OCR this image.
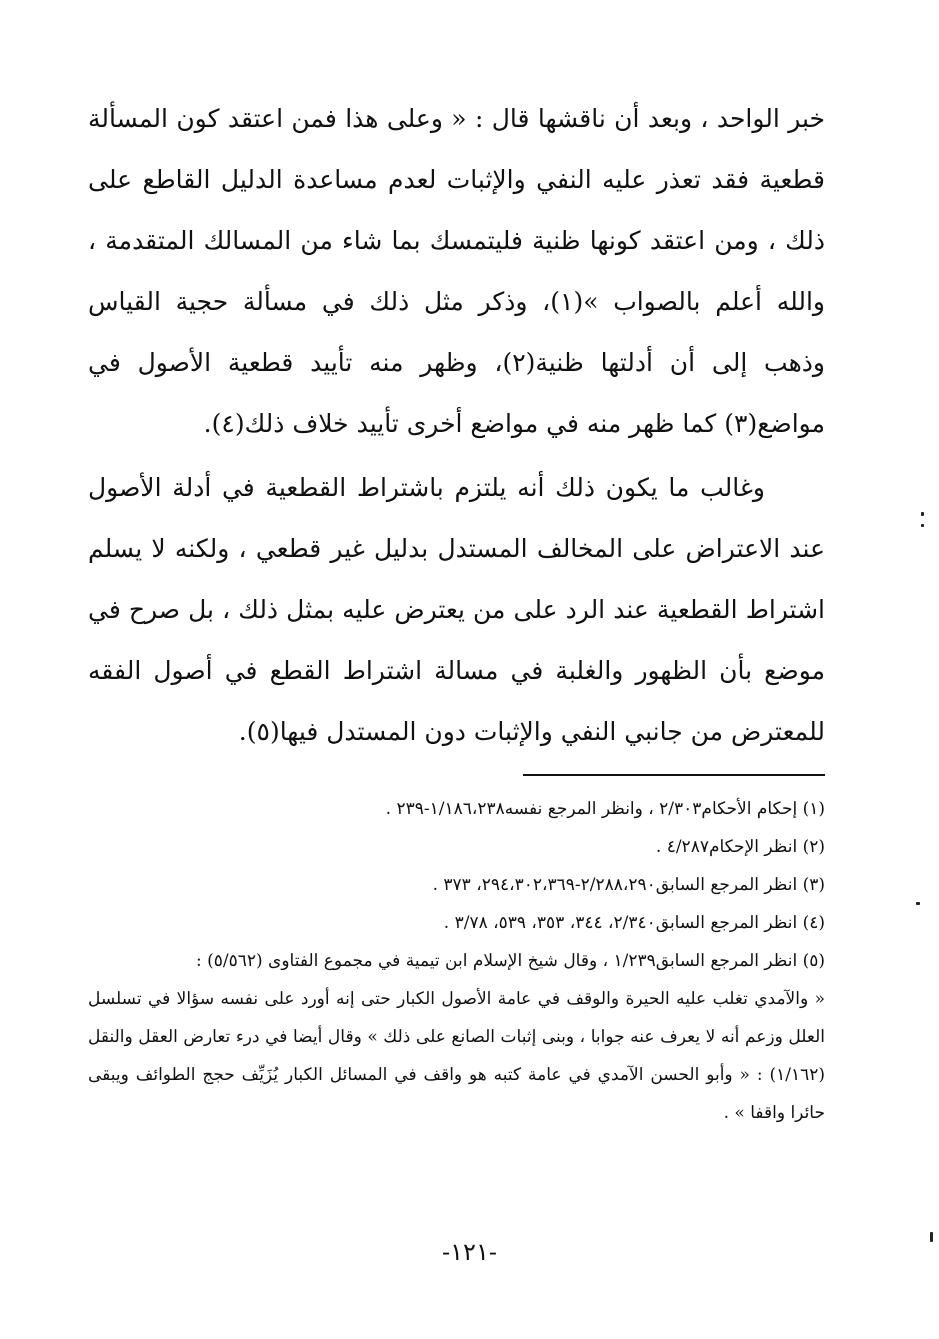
خبر الواحد ، وبعد أن ناقشها قال : « وعلى هذا فمن اعتقد كون المسألة قطعية فقد تعذر عليه النفي والإثبات لعدم مساعدة الدليل القاطع على ذلك ، ومن اعتقد كونها ظنية فليتمسك بما شاء من المسالك المتقدمة ، والله أعلم بالصواب »(١)، وذكر مثل ذلك في مسألة حجية القياس وذهب إلى أن أدلتها ظنية(٢)، وظهر منه تأييد قطعية الأصول في مواضع(٣) كما ظهر منه في مواضع أخرى تأييد خلاف ذلك(٤).

وغالب ما يكون ذلك أنه يلتزم باشتراط القطعية في أدلة الأصول عند الاعتراض على المخالف المستدل بدليل غير قطعي ، ولكنه لا يسلم اشتراط القطعية عند الرد على من يعترض عليه بمثل ذلك ، بل صرح في موضع بأن الظهور والغلبة في مسالة اشتراط القطع في أصول الفقه للمعترض من جانبي النفي والإثبات دون المستدل فيها(٥).

(١) إحكام الأحكام٢/٣٠٣ ، وانظر المرجع نفسه١/١٨٦،٢٣٨-٢٣٩ .

(٢) انظر الإحكام٤/٢٨٧ .

(٣) انظر المرجع السابق٢/٢٨٨،٢٩٠-٢٩٤،٣٠٢،٣٦٩، ٣٧٣ .

(٤) انظر المرجع السابق٢/٣٤٠، ٣٤٤، ٣٥٣، ٥٣٩، ٣/٧٨ .

(٥) انظر المرجع السابق١/٢٣٩ ، وقال شيخ الإسلام ابن تيمية في مجموع الفتاوى (٥/٥٦٢) :

« والآمدي تغلب عليه الحيرة والوقف في عامة الأصول الكبار حتى إنه أورد على نفسه سؤالا في تسلسل العلل وزعم أنه لا يعرف عنه جوابا ، وبنى إثبات الصانع على ذلك » وقال أيضا في درء تعارض العقل والنقل (١/١٦٢) : « وأبو الحسن الآمدي في عامة كتبه هو واقف في المسائل الكبار يُزَيِّف حجج الطوائف ويبقى حائرا واقفا » .

-١٢١-
